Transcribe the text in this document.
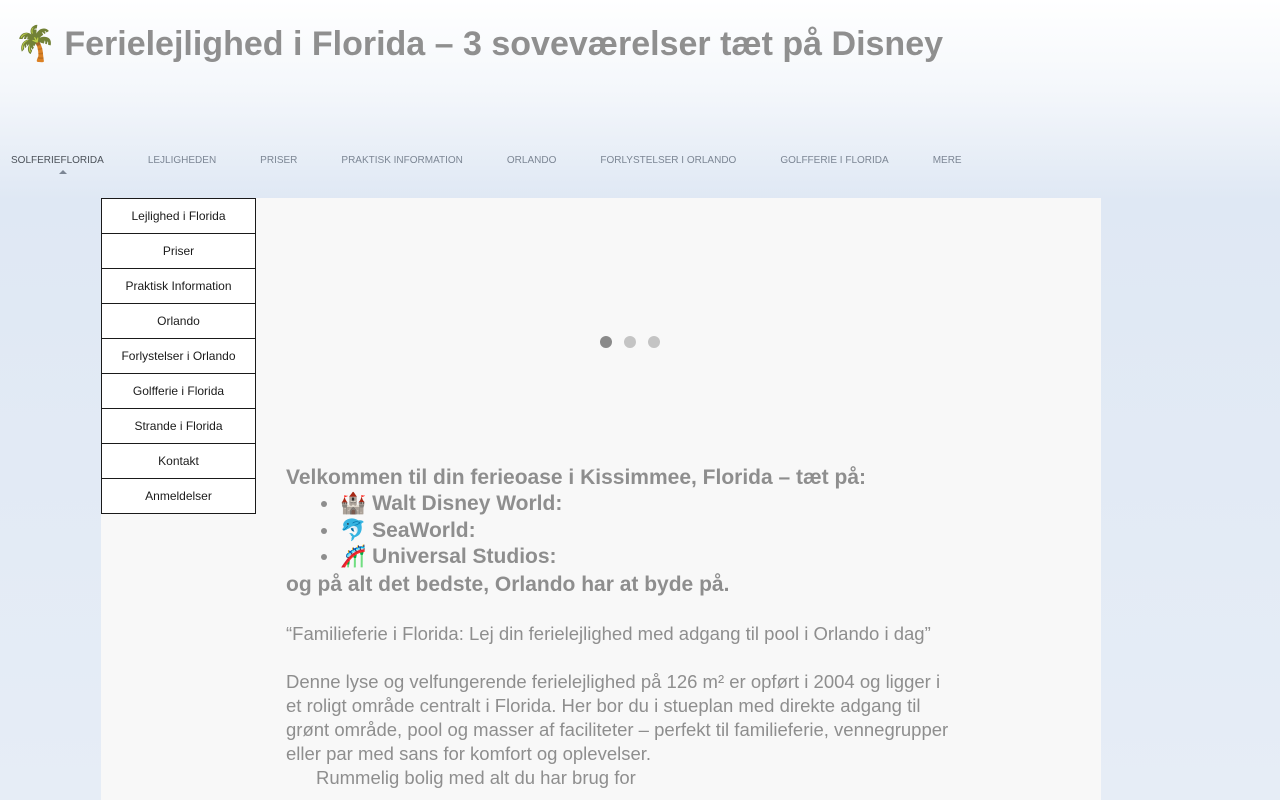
🌴 Ferielejlighed i Florida – 3 soveværelser tæt på Disney
SOLFERIEFLORIDA	LEJLIGHEDEN	PRISER	PRAKTISK INFORMATION	ORLANDO	FORLYSTELSER I ORLANDO	GOLFFERIE I FLORIDA	MERE
Lejlighed i Florida
Priser
Praktisk Information
Orlando
Forlystelser i Orlando
Golfferie i Florida
Strande i Florida
Kontakt
Anmeldelser

Velkommen til din ferieoase i Kissimmee, Florida – tæt på:

• 🏰 Walt Disney World:
• 🐬 SeaWorld:
• 🎢 Universal Studios:

og på alt det bedste, Orlando har at byde på.

“Familieferie i Florida: Lej din ferielejlighed med adgang til pool i Orlando i dag”

Denne lyse og velfungerende ferielejlighed på 126 m² er opført i 2004 og ligger i et roligt område centralt i Florida. Her bor du i stueplan med direkte adgang til grønt område, pool og masser af faciliteter – perfekt til familieferie, vennegrupper eller par med sans for komfort og oplevelser.

Rummelig bolig med alt du har brug for
